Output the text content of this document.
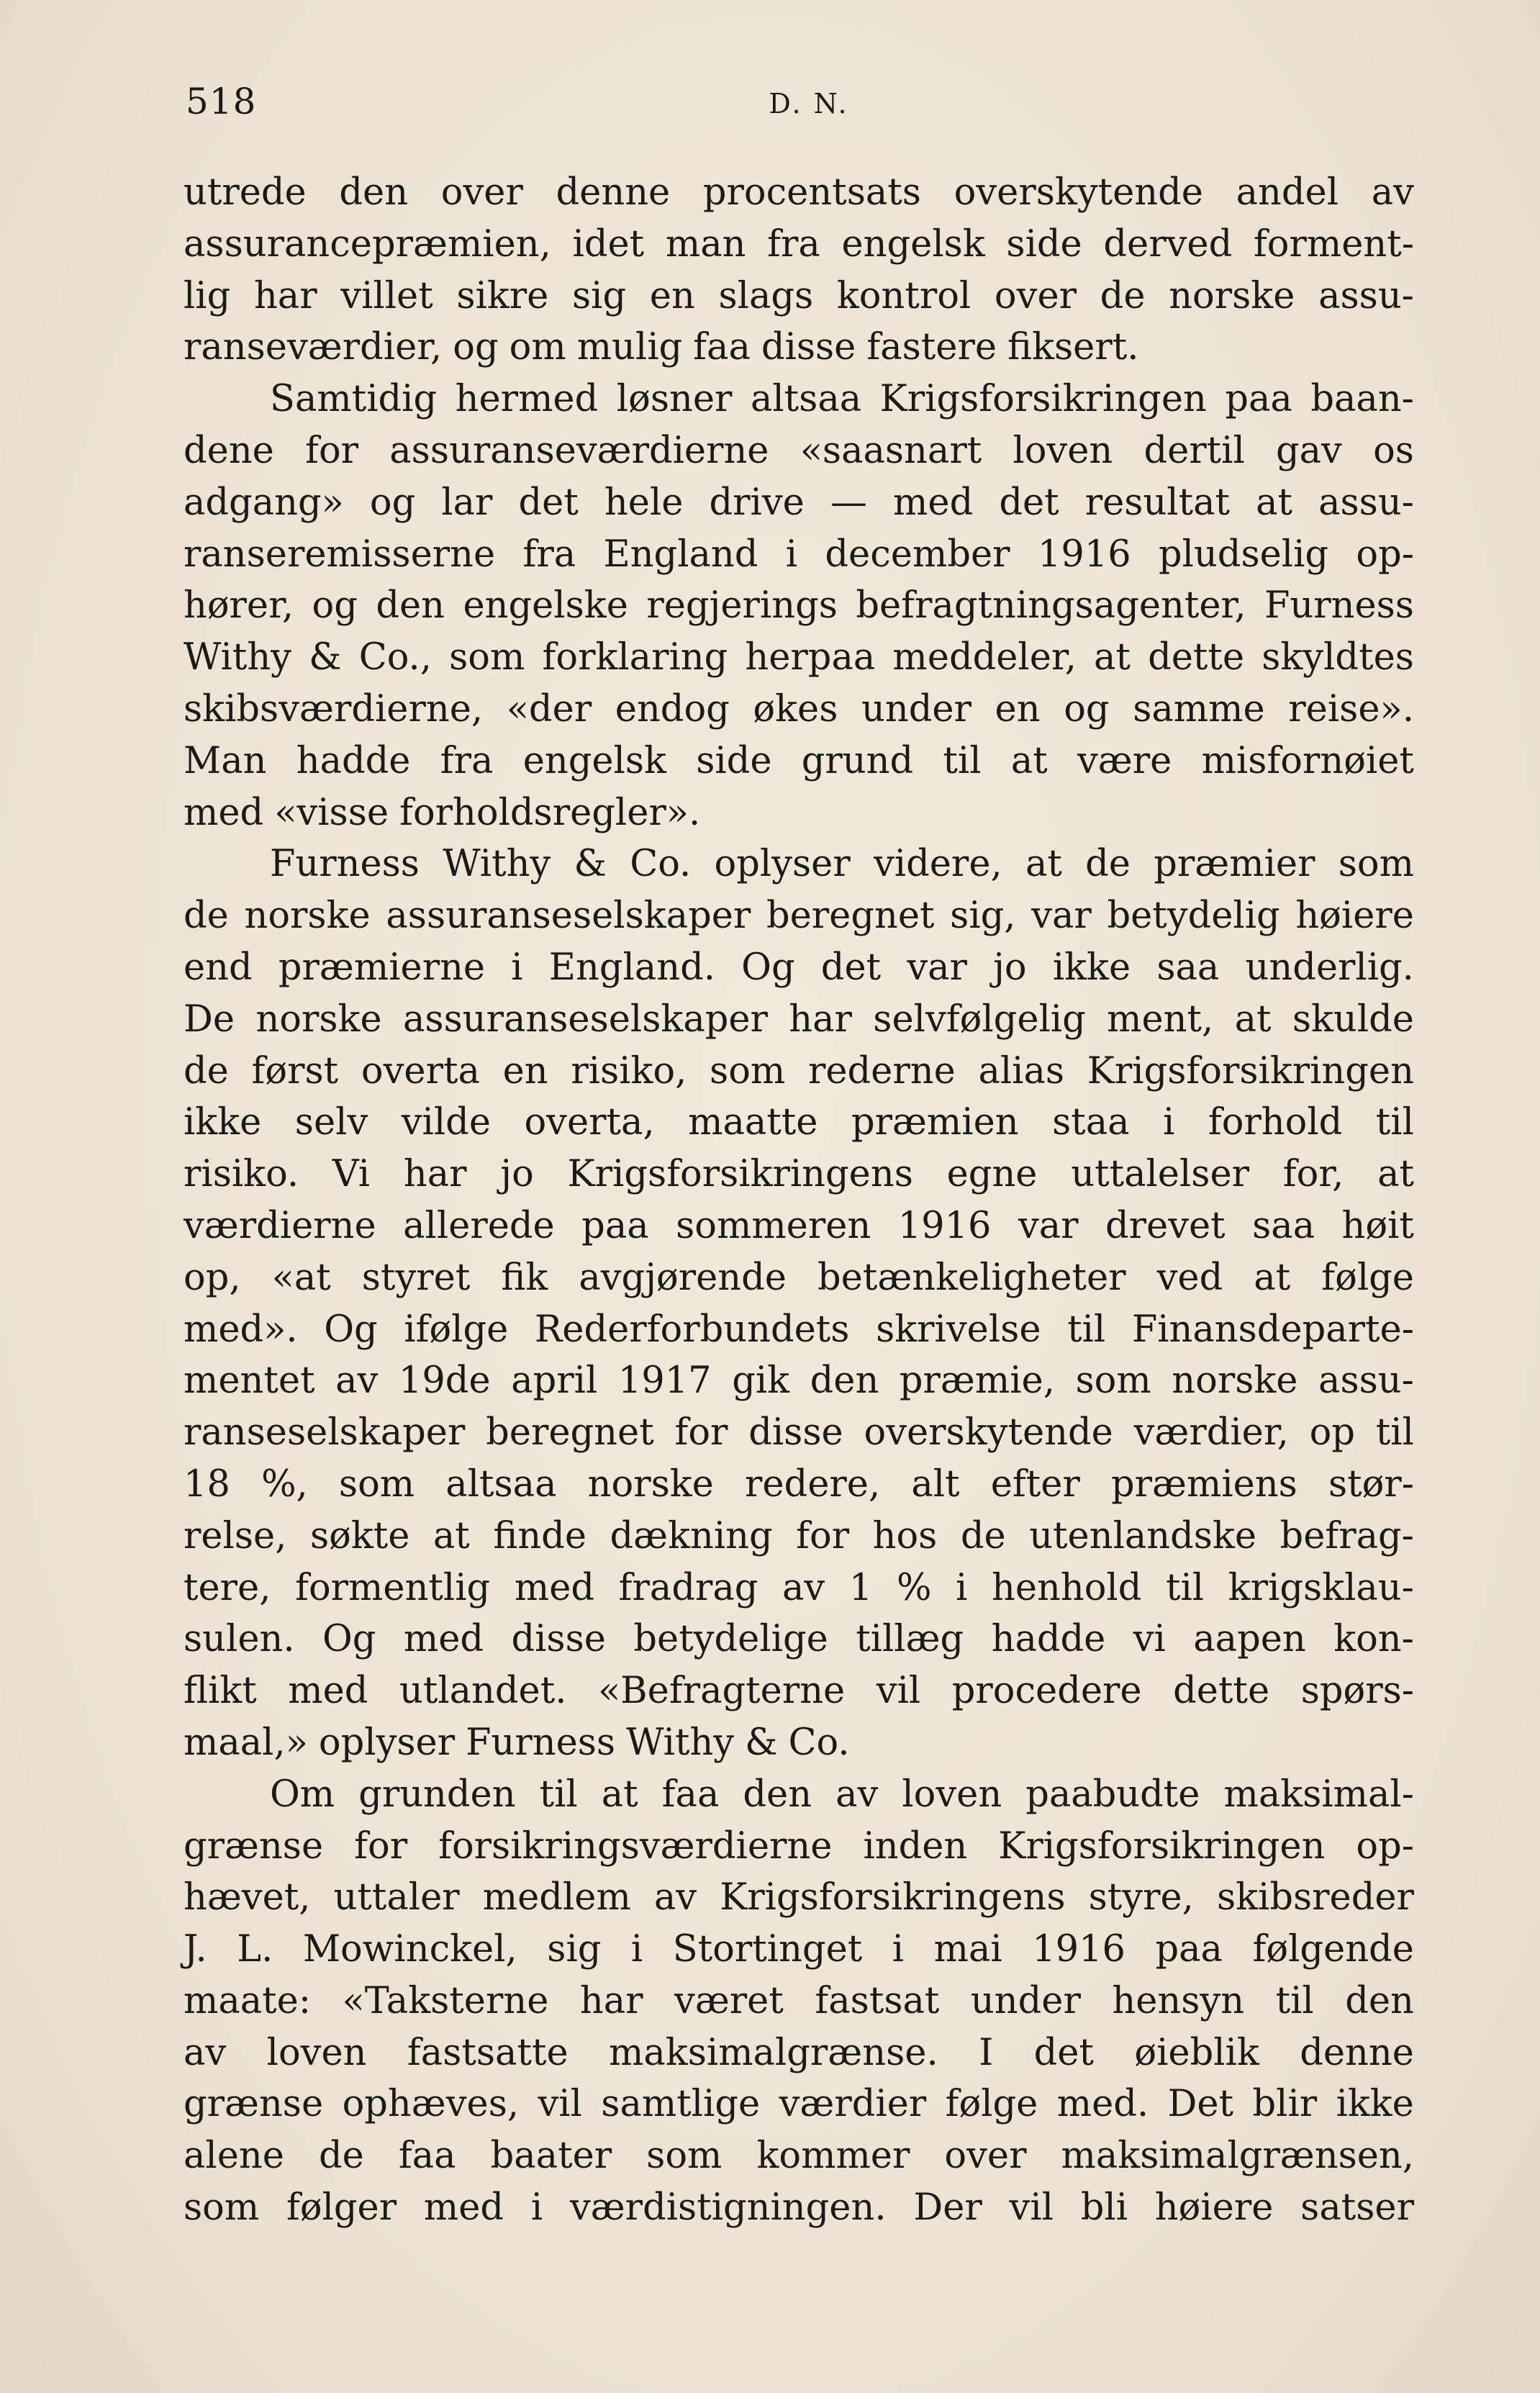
518	D. N.
utrede den over denne procentsats overskytende andel av
assurancepræmien, idet man fra engelsk side derved forment-
lig har villet sikre sig en slags kontrol over de norske assu-
ranseværdier, og om mulig faa disse fastere fiksert.
Samtidig hermed løsner altsaa Krigsforsikringen paa baan-
dene for assuranseværdierne «saasnart loven dertil gav os
adgang» og lar det hele drive — med det resultat at assu-
ranseremisserne fra England i december 1916 pludselig op-
hører, og den engelske regjerings befragtningsagenter, Furness
Withy & Co., som forklaring herpaa meddeler, at dette skyldtes
skibsværdierne, «der endog økes under en og samme reise».
Man hadde fra engelsk side grund til at være misfornøiet
med «visse forholdsregler».
Furness Withy & Co. oplyser videre, at de præmier som
de norske assuranseselskaper beregnet sig, var betydelig høiere
end præmierne i England. Og det var jo ikke saa underlig.
De norske assuranseselskaper har selvfølgelig ment, at skulde
de først overta en risiko, som rederne alias Krigsforsikringen
ikke selv vilde overta, maatte præmien staa i forhold til
risiko. Vi har jo Krigsforsikringens egne uttalelser for, at
værdierne allerede paa sommeren 1916 var drevet saa høit
op, «at styret fik avgjørende betænkeligheter ved at følge
med». Og ifølge Rederforbundets skrivelse til Finansdeparte-
mentet av 19de april 1917 gik den præmie, som norske assu-
ranseselskaper beregnet for disse overskytende værdier, op til
18 %, som altsaa norske redere, alt efter præmiens stør-
relse, søkte at finde dækning for hos de utenlandske befrag-
tere, formentlig med fradrag av 1 % i henhold til krigsklau-
sulen. Og med disse betydelige tillæg hadde vi aapen kon-
flikt med utlandet. «Befragterne vil procedere dette spørs-
maal,» oplyser Furness Withy & Co.
Om grunden til at faa den av loven paabudte maksimal-
grænse for forsikringsværdierne inden Krigsforsikringen op-
hævet, uttaler medlem av Krigsforsikringens styre, skibsreder
J. L. Mowinckel, sig i Stortinget i mai 1916 paa følgende
maate: «Taksterne har været fastsat under hensyn til den
av loven fastsatte maksimalgrænse. I det øieblik denne
grænse ophæves, vil samtlige værdier følge med. Det blir ikke
alene de faa baater som kommer over maksimalgrænsen,
som følger med i værdistigningen. Der vil bli høiere satser
